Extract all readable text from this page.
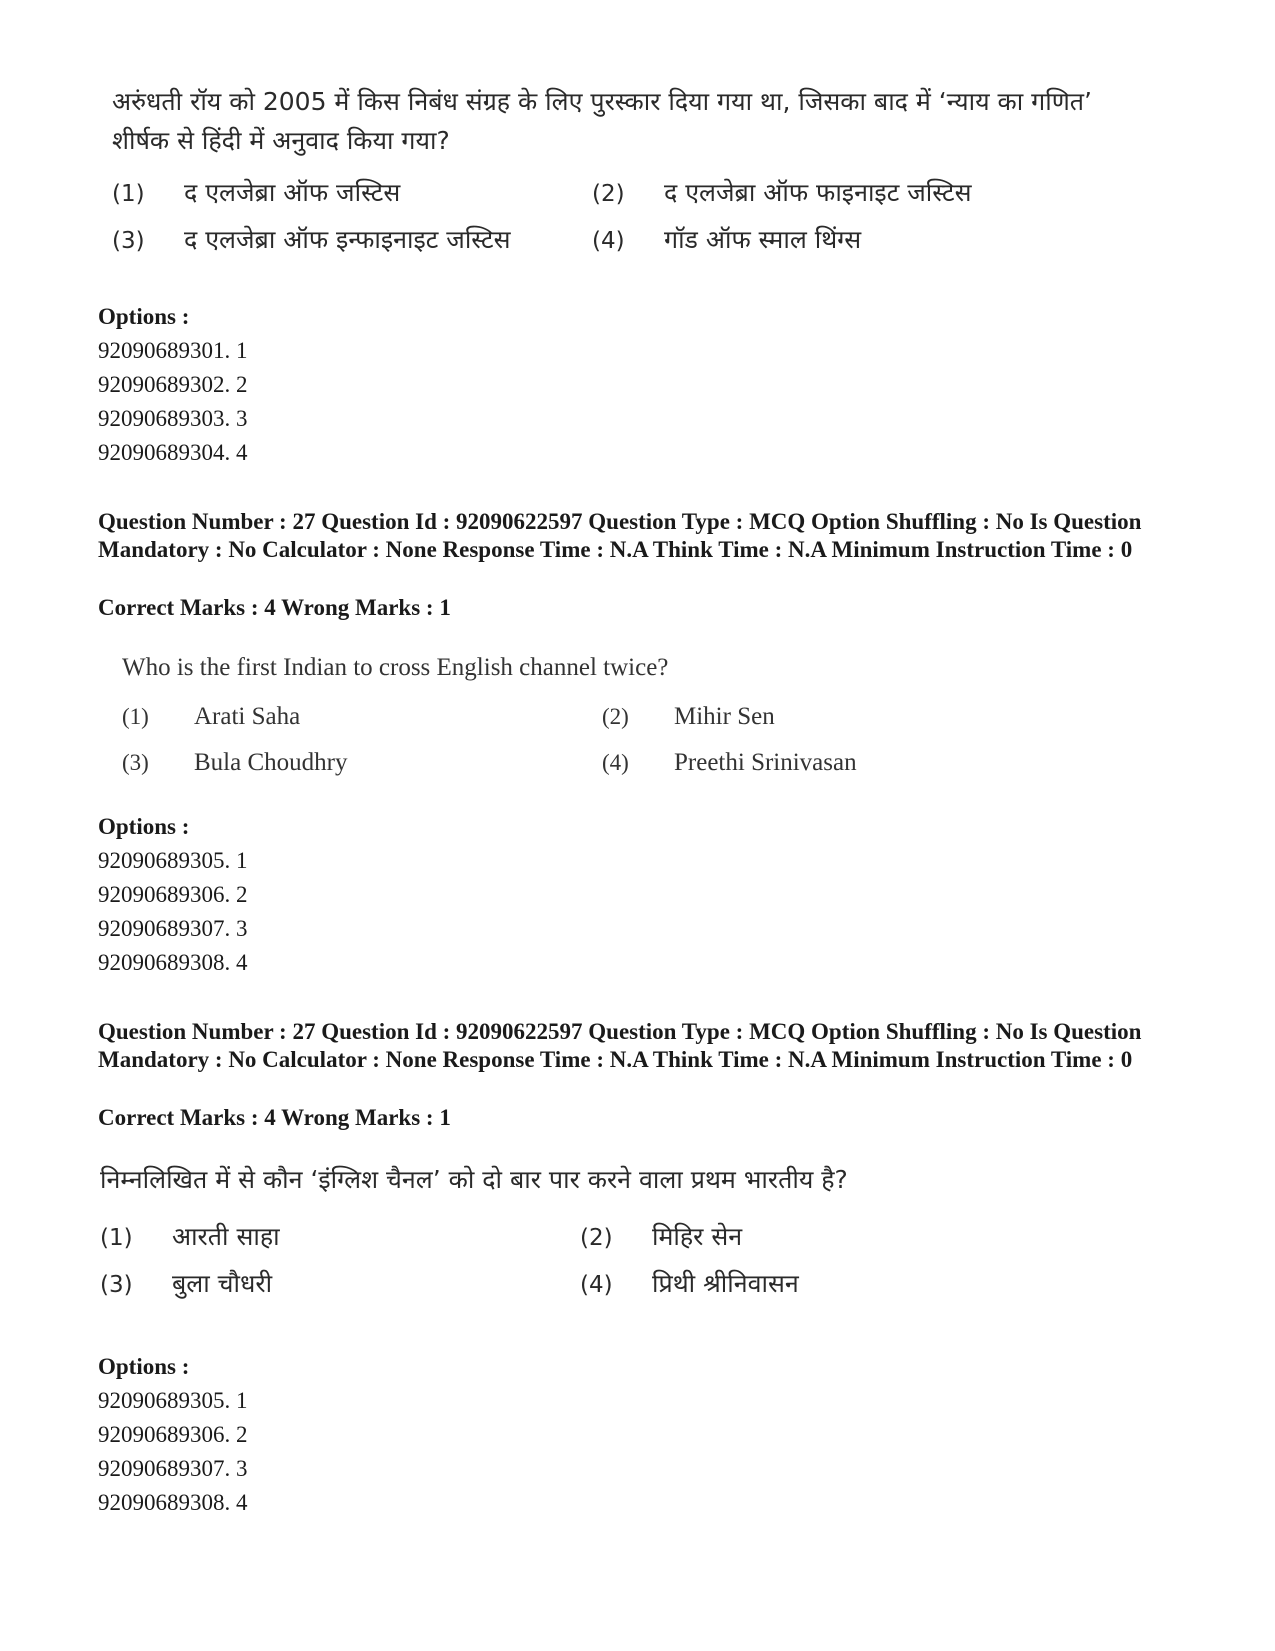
अरुंधती रॉय को 2005 में किस निबंध संग्रह के लिए पुरस्कार दिया गया था, जिसका बाद में ‘न्याय का गणित’ शीर्षक से हिंदी में अनुवाद किया गया?

(1)	द एलजेब्रा ऑफ जस्टिस	(2)	द एलजेब्रा ऑफ फाइनाइट जस्टिस
(3)	द एलजेब्रा ऑफ इन्फाइनाइट जस्टिस	(4)	गॉड ऑफ स्माल थिंग्स
Options :
92090689301. 1
92090689302. 2
92090689303. 3
92090689304. 4

Question Number : 27 Question Id : 92090622597 Question Type : MCQ Option Shuffling : No Is Question Mandatory : No Calculator : None Response Time : N.A Think Time : N.A Minimum Instruction Time : 0

Correct Marks : 4 Wrong Marks : 1

Who is the first Indian to cross English channel twice?

(1)	Arati Saha	(2)	Mihir Sen
(3)	Bula Choudhry	(4)	Preethi Srinivasan
Options :
92090689305. 1
92090689306. 2
92090689307. 3
92090689308. 4

Question Number : 27 Question Id : 92090622597 Question Type : MCQ Option Shuffling : No Is Question Mandatory : No Calculator : None Response Time : N.A Think Time : N.A Minimum Instruction Time : 0

Correct Marks : 4 Wrong Marks : 1

निम्नलिखित में से कौन ‘इंग्लिश चैनल’ को दो बार पार करने वाला प्रथम भारतीय है?

(1)	आरती साहा	(2)	मिहिर सेन
(3)	बुला चौधरी	(4)	प्रिथी श्रीनिवासन
Options :
92090689305. 1
92090689306. 2
92090689307. 3
92090689308. 4
